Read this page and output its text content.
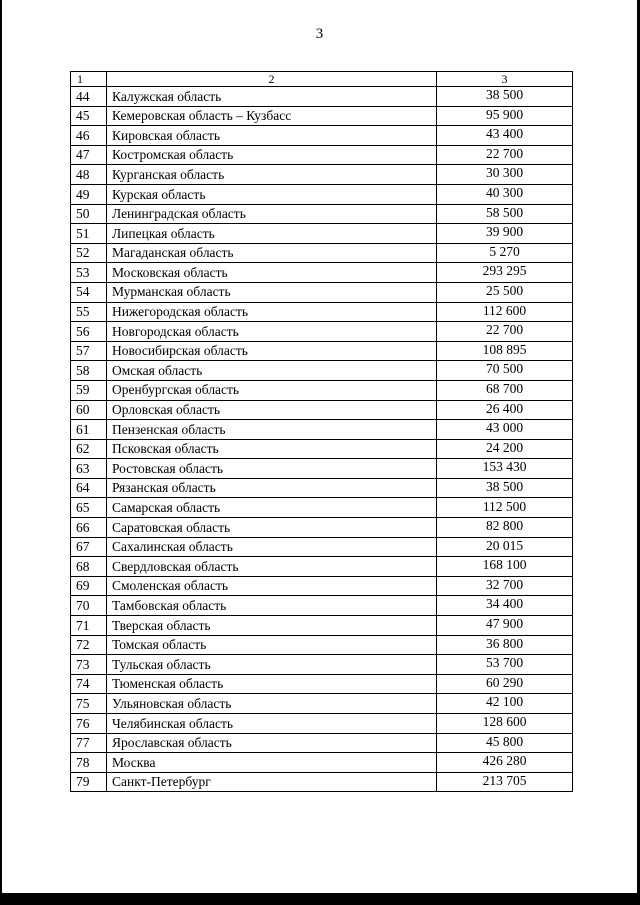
3
1	2	3
44	Калужская область	38 500
45	Кемеровская область – Кузбасс	95 900
46	Кировская область	43 400
47	Костромская область	22 700
48	Курганская область	30 300
49	Курская область	40 300
50	Ленинградская область	58 500
51	Липецкая область	39 900
52	Магаданская область	5 270
53	Московская область	293 295
54	Мурманская область	25 500
55	Нижегородская область	112 600
56	Новгородская область	22 700
57	Новосибирская область	108 895
58	Омская область	70 500
59	Оренбургская область	68 700
60	Орловская область	26 400
61	Пензенская область	43 000
62	Псковская область	24 200
63	Ростовская область	153 430
64	Рязанская область	38 500
65	Самарская область	112 500
66	Саратовская область	82 800
67	Сахалинская область	20 015
68	Свердловская область	168 100
69	Смоленская область	32 700
70	Тамбовская область	34 400
71	Тверская область	47 900
72	Томская область	36 800
73	Тульская область	53 700
74	Тюменская область	60 290
75	Ульяновская область	42 100
76	Челябинская область	128 600
77	Ярославская область	45 800
78	Москва	426 280
79	Санкт-Петербург	213 705
